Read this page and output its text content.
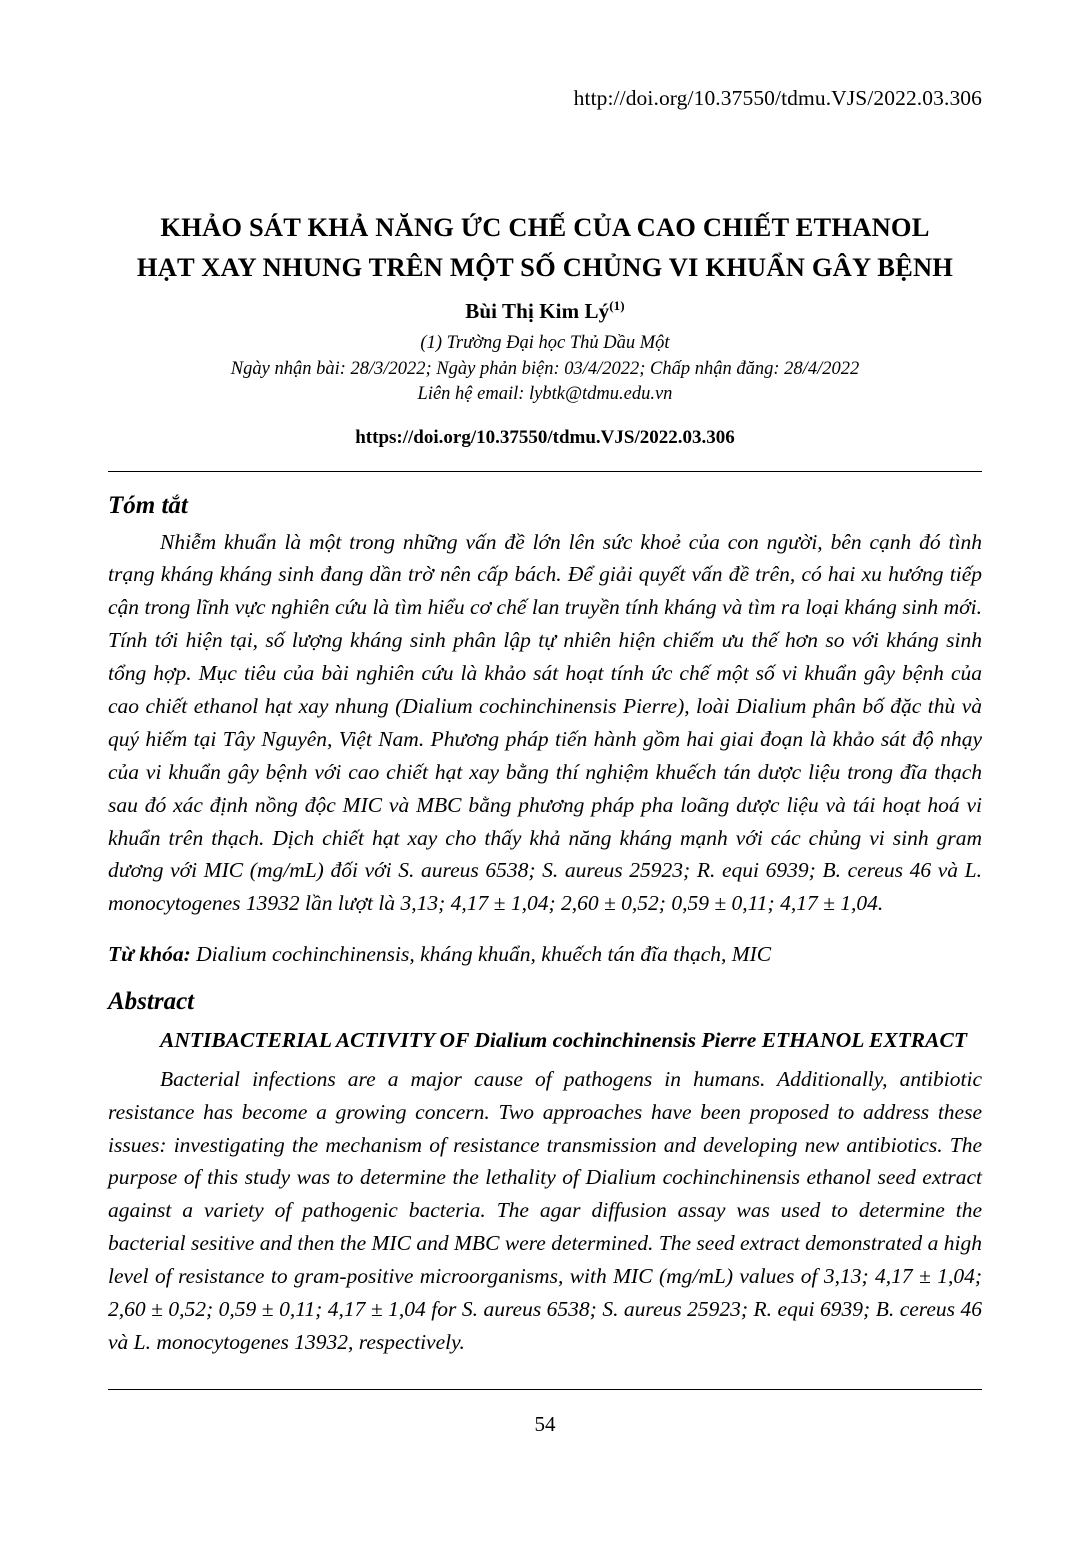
http://doi.org/10.37550/tdmu.VJS/2022.03.306
KHẢO SÁT KHẢ NĂNG ỨC CHẾ CỦA CAO CHIẾT ETHANOL
HẠT XAY NHUNG TRÊN MỘT SỐ CHỦNG VI KHUẨN GÂY BỆNH
Bùi Thị Kim $Lý^{(1)}$
(1) Trường Đại học Thủ Dầu Một
Ngày nhận bài: 28/3/2022; Ngày phản biện: 03/4/2022; Chấp nhận đăng: 28/4/2022
Liên hệ email: lybtk@tdmu.edu.vn
https://doi.org/10.37550/tdmu.VJS/2022.03.306
Tóm tắt

Nhiễm khuẩn là một trong những vấn đề lớn lên sức khoẻ của con người, bên cạnh đó tình trạng kháng kháng sinh đang dần trờ nên cấp bách. Để giải quyết vấn đề trên, có hai xu hướng tiếp cận trong lĩnh vực nghiên cứu là tìm hiểu cơ chế lan truyền tính kháng và tìm ra loại kháng sinh mới. Tính tới hiện tại, số lượng kháng sinh phân lập tự nhiên hiện chiếm ưu thế hơn so với kháng sinh tổng hợp. Mục tiêu của bài nghiên cứu là khảo sát hoạt tính ức chế một số vi khuẩn gây bệnh của cao chiết ethanol hạt xay nhung (Dialium cochinchinensis Pierre), loài Dialium phân bố đặc thù và quý hiếm tại Tây Nguyên, Việt Nam. Phương pháp tiến hành gồm hai giai đoạn là khảo sát độ nhạy của vi khuẩn gây bệnh với cao chiết hạt xay bằng thí nghiệm khuếch tán dược liệu trong đĩa thạch sau đó xác định nồng độc MIC và MBC bằng phương pháp pha loãng dược liệu và tái hoạt hoá vi khuẩn trên thạch. Dịch chiết hạt xay cho thấy khả năng kháng mạnh với các chủng vi sinh gram dương với MIC (mg/mL) đối với S. aureus 6538; S. aureus 25923; R. equi 6939; B. cereus 46 và L. monocytogenes 13932 lần lượt là 3,13; 4,17 ± 1,04; 2,60 ± 0,52; 0,59 ± 0,11; 4,17 ± 1,04.

Từ khóa: Dialium cochinchinensis, kháng khuẩn, khuếch tán đĩa thạch, MIC

Abstract
ANTIBACTERIAL ACTIVITY OF Dialium cochinchinensis Pierre ETHANOL EXTRACT

Bacterial infections are a major cause of pathogens in humans. Additionally, antibiotic resistance has become a growing concern. Two approaches have been proposed to address these issues: investigating the mechanism of resistance transmission and developing new antibiotics. The purpose of this study was to determine the lethality of Dialium cochinchinensis ethanol seed extract against a variety of pathogenic bacteria. The agar diffusion assay was used to determine the bacterial sesitive and then the MIC and MBC were determined. The seed extract demonstrated a high level of resistance to gram-positive microorganisms, with MIC (mg/mL) values of 3,13; 4,17 ± 1,04; 2,60 ± 0,52; 0,59 ± 0,11; 4,17 ± 1,04 for S. aureus 6538; S. aureus 25923; R. equi 6939; B. cereus 46 và L. monocytogenes 13932, respectively.

54
